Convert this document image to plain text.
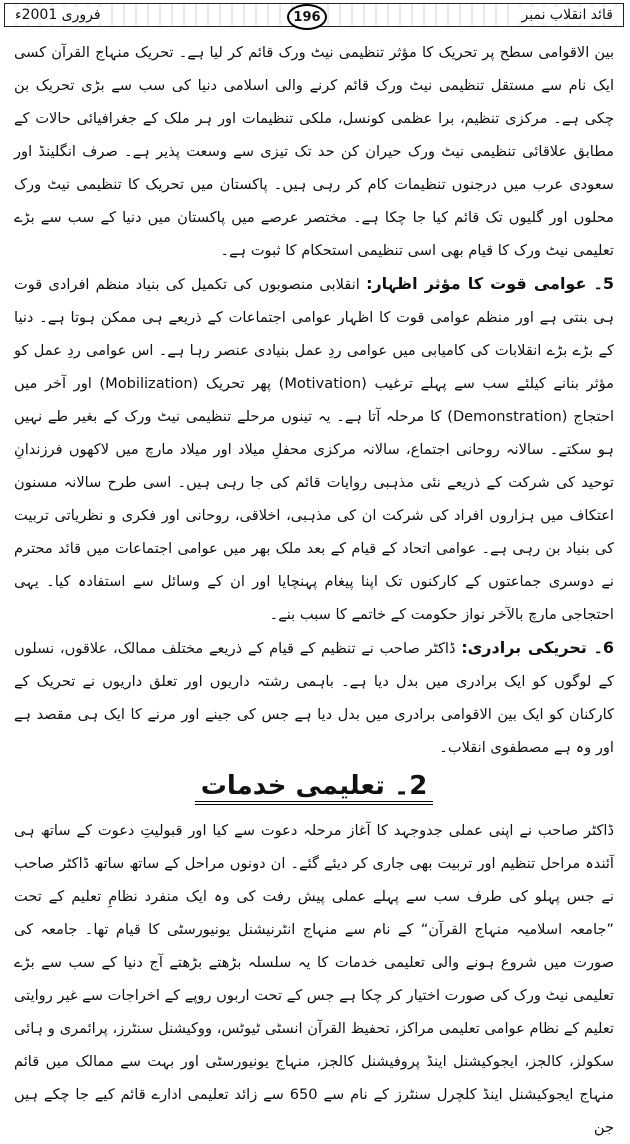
فروری 2001ء	قائد انقلاب نمبر
196

بین الاقوامی سطح پر تحریک کا مؤثر تنظیمی نیٹ ورک قائم کر لیا ہے۔ تحریک منہاج القرآن کسی ایک نام سے مستقل تنظیمی نیٹ ورک قائم کرنے والی اسلامی دنیا کی سب سے بڑی تحریک بن چکی ہے۔ مرکزی تنظیم، برا عظمی کونسل، ملکی تنظیمات اور ہر ملک کے جغرافیائی حالات کے مطابق علاقائی تنظیمی نیٹ ورک حیران کن حد تک تیزی سے وسعت پذیر ہے۔ صرف انگلینڈ اور سعودی عرب میں درجنوں تنظیمات کام کر رہی ہیں۔ پاکستان میں تحریک کا تنظیمی نیٹ ورک محلوں اور گلیوں تک قائم کیا جا چکا ہے۔ مختصر عرصے میں پاکستان میں دنیا کے سب سے بڑے تعلیمی نیٹ ورک کا قیام بھی اسی تنظیمی استحکام کا ثبوت ہے۔

5۔ عوامی قوت کا مؤثر اظہار: انقلابی منصوبوں کی تکمیل کی بنیاد منظم افرادی قوت ہی بنتی ہے اور منظم عوامی قوت کا اظہار عوامی اجتماعات کے ذریعے ہی ممکن ہوتا ہے۔ دنیا کے بڑے بڑے انقلابات کی کامیابی میں عوامی ردِ عمل بنیادی عنصر رہا ہے۔ اس عوامی ردِ عمل کو مؤثر بنانے کیلئے سب سے پہلے ترغیب (Motivation) پھر تحریک (Mobilization) اور آخر میں احتجاج (Demonstration) کا مرحلہ آتا ہے۔ یہ تینوں مرحلے تنظیمی نیٹ ورک کے بغیر طے نہیں ہو سکتے۔ سالانہ روحانی اجتماع، سالانہ مرکزی محفلِ میلاد اور میلاد مارچ میں لاکھوں فرزندانِ توحید کی شرکت کے ذریعے نئی مذہبی روایات قائم کی جا رہی ہیں۔ اسی طرح سالانہ مسنون اعتکاف میں ہزاروں افراد کی شرکت ان کی مذہبی، اخلاقی، روحانی اور فکری و نظریاتی تربیت کی بنیاد بن رہی ہے۔ عوامی اتحاد کے قیام کے بعد ملک بھر میں عوامی اجتماعات میں قائد محترم نے دوسری جماعتوں کے کارکنوں تک اپنا پیغام پہنچایا اور ان کے وسائل سے استفادہ کیا۔ یہی احتجاجی مارچ بالآخر نواز حکومت کے خاتمے کا سبب بنے۔

6۔ تحریکی برادری: ڈاکٹر صاحب نے تنظیم کے قیام کے ذریعے مختلف ممالک، علاقوں، نسلوں کے لوگوں کو ایک برادری میں بدل دیا ہے۔ باہمی رشتہ داریوں اور تعلق داریوں نے تحریک کے کارکنان کو ایک بین الاقوامی برادری میں بدل دیا ہے جس کی جینے اور مرنے کا ایک ہی مقصد ہے اور وہ ہے مصطفوی انقلاب۔

2۔ تعلیمی خدمات

ڈاکٹر صاحب نے اپنی عملی جدوجہد کا آغاز مرحلہ دعوت سے کیا اور قبولیتِ دعوت کے ساتھ ہی آئندہ مراحل تنظیم اور تربیت بھی جاری کر دیئے گئے۔ ان دونوں مراحل کے ساتھ ساتھ ڈاکٹر صاحب نے جس پہلو کی طرف سب سے پہلے عملی پیش رفت کی وہ ایک منفرد نظامِ تعلیم کے تحت ”جامعہ اسلامیہ منہاج القرآن“ کے نام سے منہاج انٹرنیشنل یونیورسٹی کا قیام تھا۔ جامعہ کی صورت میں شروع ہونے والی تعلیمی خدمات کا یہ سلسلہ بڑھتے بڑھتے آج دنیا کے سب سے بڑے تعلیمی نیٹ ورک کی صورت اختیار کر چکا ہے جس کے تحت اربوں روپے کے اخراجات سے غیر روایتی تعلیم کے نظام عوامی تعلیمی مراکز، تحفیظ القرآن انسٹی ٹیوٹس، ووکیشنل سنٹرز، پرائمری و ہائی سکولز، کالجز، ایجوکیشنل اینڈ پروفیشنل کالجز، منہاج یونیورسٹی اور بہت سے ممالک میں قائم منہاج ایجوکیشنل اینڈ کلچرل سنٹرز کے نام سے 650 سے زائد تعلیمی ادارے قائم کیے جا چکے ہیں جن
